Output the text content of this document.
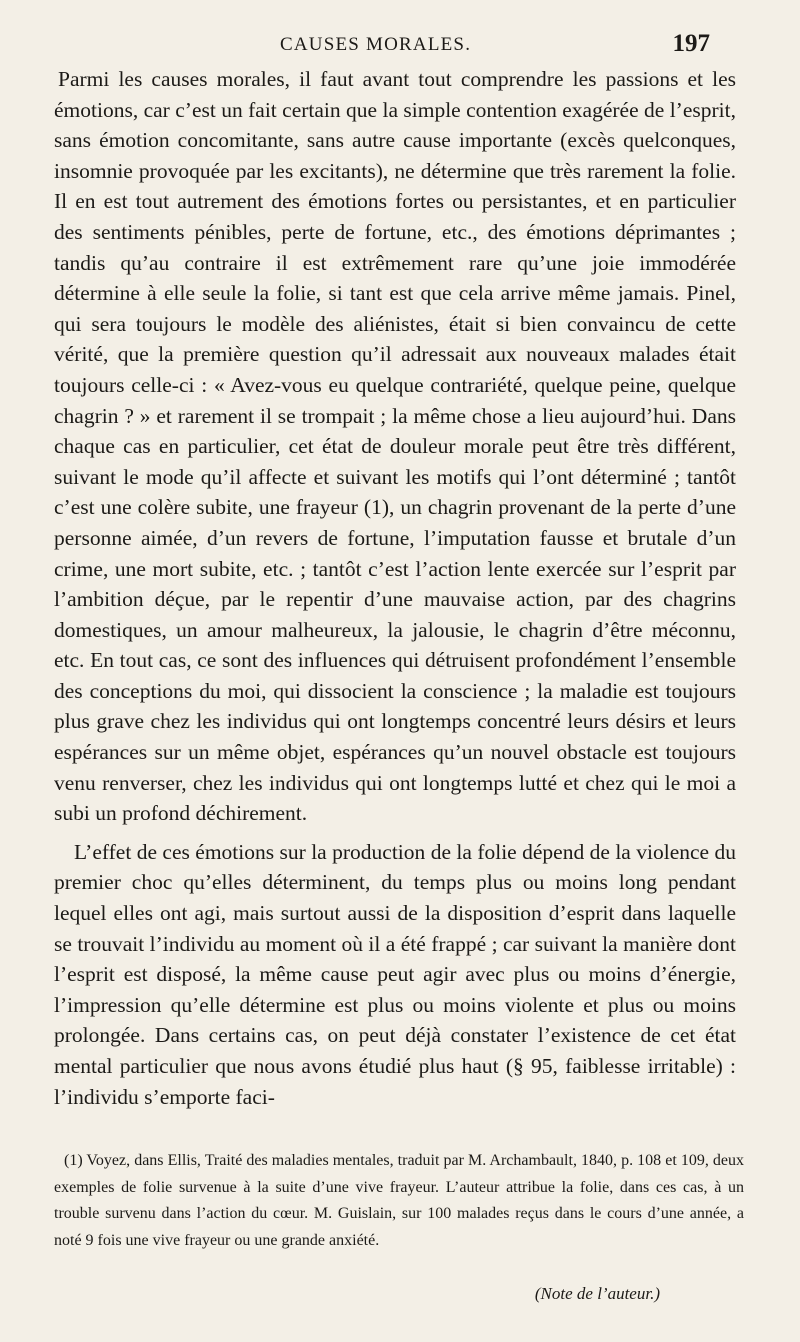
CAUSES MORALES.	197

Parmi les causes morales, il faut avant tout comprendre les passions et les émotions, car c’est un fait certain que la simple contention exagérée de l’esprit, sans émotion concomitante, sans autre cause importante (excès quelconques, insomnie provoquée par les excitants), ne détermine que très rarement la folie. Il en est tout autrement des émotions fortes ou persistantes, et en particulier des sentiments pénibles, perte de fortune, etc., des émotions déprimantes ; tandis qu’au contraire il est extrêmement rare qu’une joie immodérée détermine à elle seule la folie, si tant est que cela arrive même jamais. Pinel, qui sera toujours le modèle des aliénistes, était si bien convaincu de cette vérité, que la première question qu’il adressait aux nouveaux malades était toujours celle-ci : « Avez-vous eu quelque contrariété, quelque peine, quelque chagrin ? » et rarement il se trompait ; la même chose a lieu aujourd’hui. Dans chaque cas en particulier, cet état de douleur morale peut être très différent, suivant le mode qu’il affecte et suivant les motifs qui l’ont déterminé ; tantôt c’est une colère subite, une frayeur (1), un chagrin provenant de la perte d’une personne aimée, d’un revers de fortune, l’imputation fausse et brutale d’un crime, une mort subite, etc. ; tantôt c’est l’action lente exercée sur l’esprit par l’ambition déçue, par le repentir d’une mauvaise action, par des chagrins domestiques, un amour malheureux, la jalousie, le chagrin d’être méconnu, etc. En tout cas, ce sont des influences qui détruisent profondément l’ensemble des conceptions du moi, qui dissocient la conscience ; la maladie est toujours plus grave chez les individus qui ont longtemps concentré leurs désirs et leurs espérances sur un même objet, espérances qu’un nouvel obstacle est toujours venu renverser, chez les individus qui ont longtemps lutté et chez qui le moi a subi un profond déchirement.

L’effet de ces émotions sur la production de la folie dépend de la violence du premier choc qu’elles déterminent, du temps plus ou moins long pendant lequel elles ont agi, mais surtout aussi de la disposition d’esprit dans laquelle se trouvait l’individu au moment où il a été frappé ; car suivant la manière dont l’esprit est disposé, la même cause peut agir avec plus ou moins d’énergie, l’impression qu’elle détermine est plus ou moins violente et plus ou moins prolongée. Dans certains cas, on peut déjà constater l’existence de cet état mental particulier que nous avons étudié plus haut (§ 95, faiblesse irritable) : l’individu s’emporte faci-

(1) Voyez, dans Ellis, Traité des maladies mentales, traduit par M. Archambault, 1840, p. 108 et 109, deux exemples de folie survenue à la suite d’une vive frayeur. L’auteur attribue la folie, dans ces cas, à un trouble survenu dans l’action du cœur. M. Guislain, sur 100 malades reçus dans le cours d’une année, a noté 9 fois une vive frayeur ou une grande anxiété.

(Note de l’auteur.)
